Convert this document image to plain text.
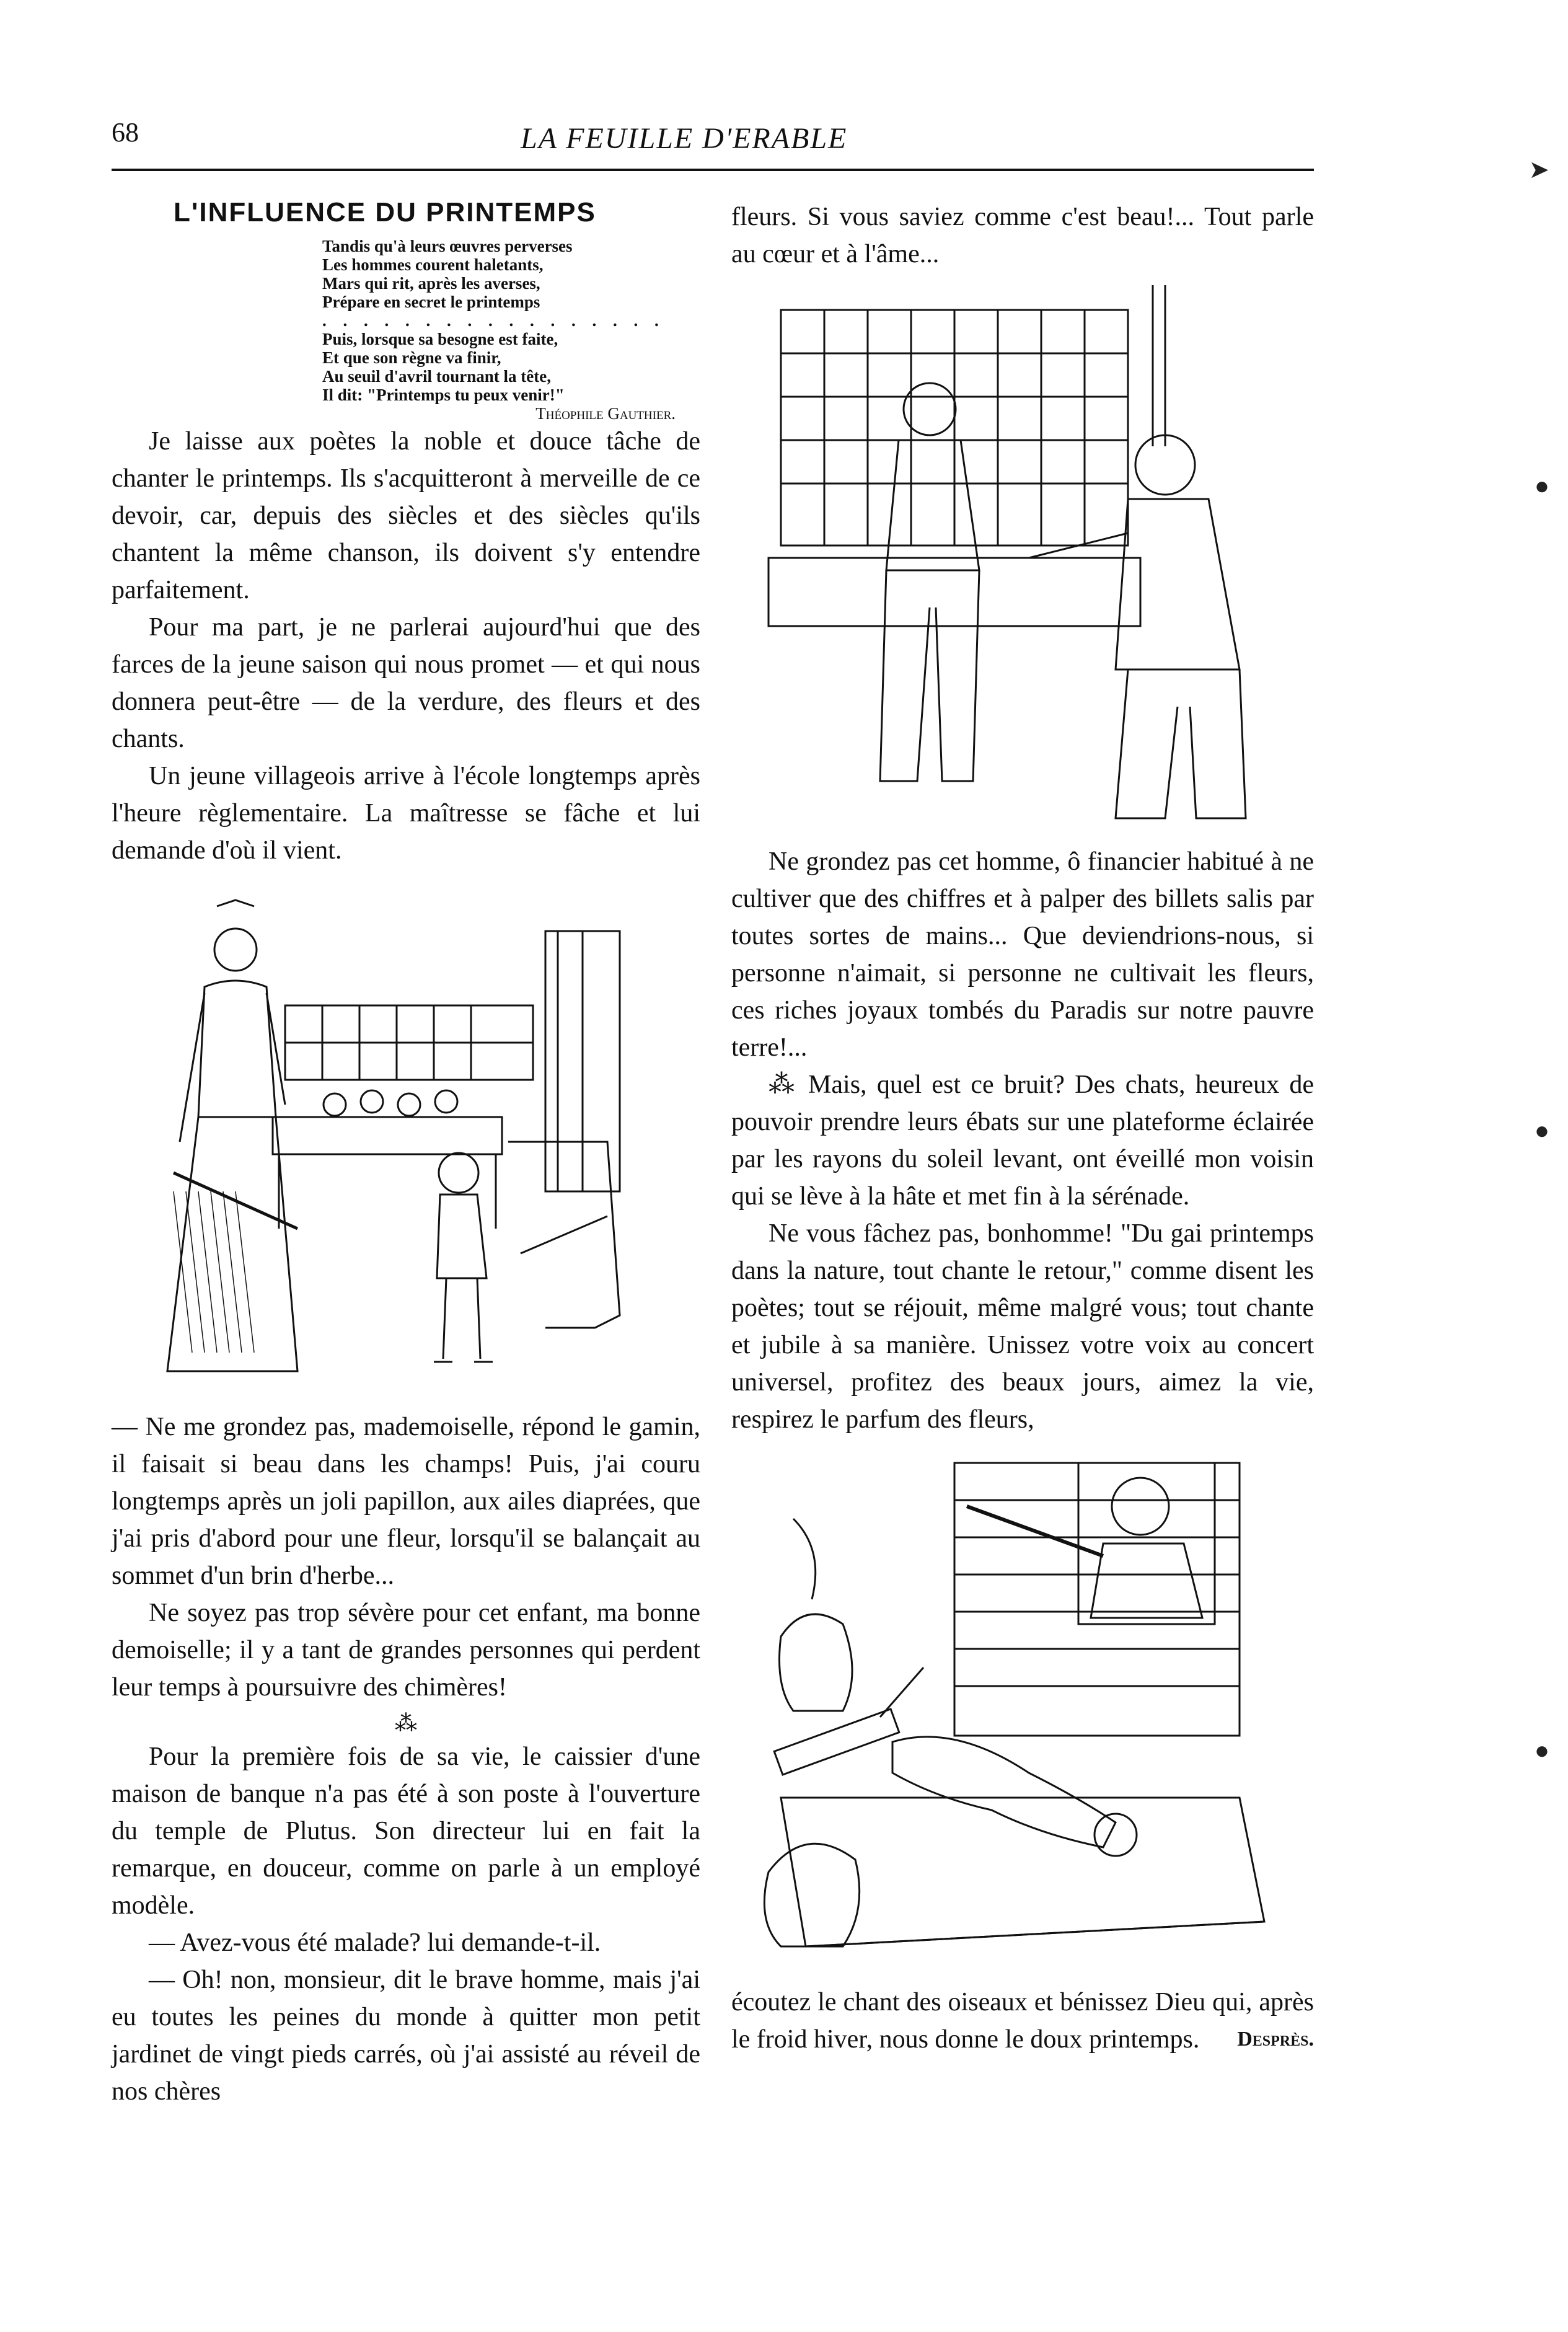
68	LA FEUILLE D'ERABLE
L'INFLUENCE DU PRINTEMPS
Tandis qu'à leurs œuvres perverses
Les hommes courent haletants,
Mars qui rit, après les averses,
Prépare en secret le printemps
. . . . . . . . . . . . . . . . .
Puis, lorsque sa besogne est faite,
Et que son règne va finir,
Au seuil d'avril tournant la tête,
Il dit: "Printemps tu peux venir!"
Théophile Gauthier.

Je laisse aux poètes la noble et douce tâche de chanter le printemps. Ils s'acquitteront à merveille de ce devoir, car, depuis des siècles et des siècles qu'ils chantent la même chanson, ils doivent s'y entendre parfaitement.

Pour ma part, je ne parlerai aujourd'hui que des farces de la jeune saison qui nous promet — et qui nous donnera peut-être — de la verdure, des fleurs et des chants.

Un jeune villageois arrive à l'école longtemps après l'heure règlementaire. La maîtresse se fâche et lui demande d'où il vient.

— Ne me grondez pas, mademoiselle, répond le gamin, il faisait si beau dans les champs! Puis, j'ai couru longtemps après un joli papillon, aux ailes diaprées, que j'ai pris d'abord pour une fleur, lorsqu'il se balançait au sommet d'un brin d'herbe...

Ne soyez pas trop sévère pour cet enfant, ma bonne demoiselle; il y a tant de grandes personnes qui perdent leur temps à poursuivre des chimères!

⁂

Pour la première fois de sa vie, le caissier d'une maison de banque n'a pas été à son poste à l'ouverture du temple de Plutus. Son directeur lui en fait la remarque, en douceur, comme on parle à un employé modèle.

— Avez-vous été malade? lui demande-t-il.

— Oh! non, monsieur, dit le brave homme, mais j'ai eu toutes les peines du monde à quitter mon petit jardinet de vingt pieds carrés, où j'ai assisté au réveil de nos chères

fleurs. Si vous saviez comme c'est beau!... Tout parle au cœur et à l'âme...

Ne grondez pas cet homme, ô financier habitué à ne cultiver que des chiffres et à palper des billets salis par toutes sortes de mains... Que deviendrions-nous, si personne n'aimait, si personne ne cultivait les fleurs, ces riches joyaux tombés du Paradis sur notre pauvre terre!...

⁂ Mais, quel est ce bruit? Des chats, heureux de pouvoir prendre leurs ébats sur une plateforme éclairée par les rayons du soleil levant, ont éveillé mon voisin qui se lève à la hâte et met fin à la sérénade.

Ne vous fâchez pas, bonhomme! "Du gai printemps dans la nature, tout chante le retour," comme disent les poètes; tout se réjouit, même malgré vous; tout chante et jubile à sa manière. Unissez votre voix au concert universel, profitez des beaux jours, aimez la vie, respirez le parfum des fleurs,

écoutez le chant des oiseaux et bénissez Dieu qui, après le froid hiver, nous donne le doux printemps. Desprès.

➤
●
●
●
